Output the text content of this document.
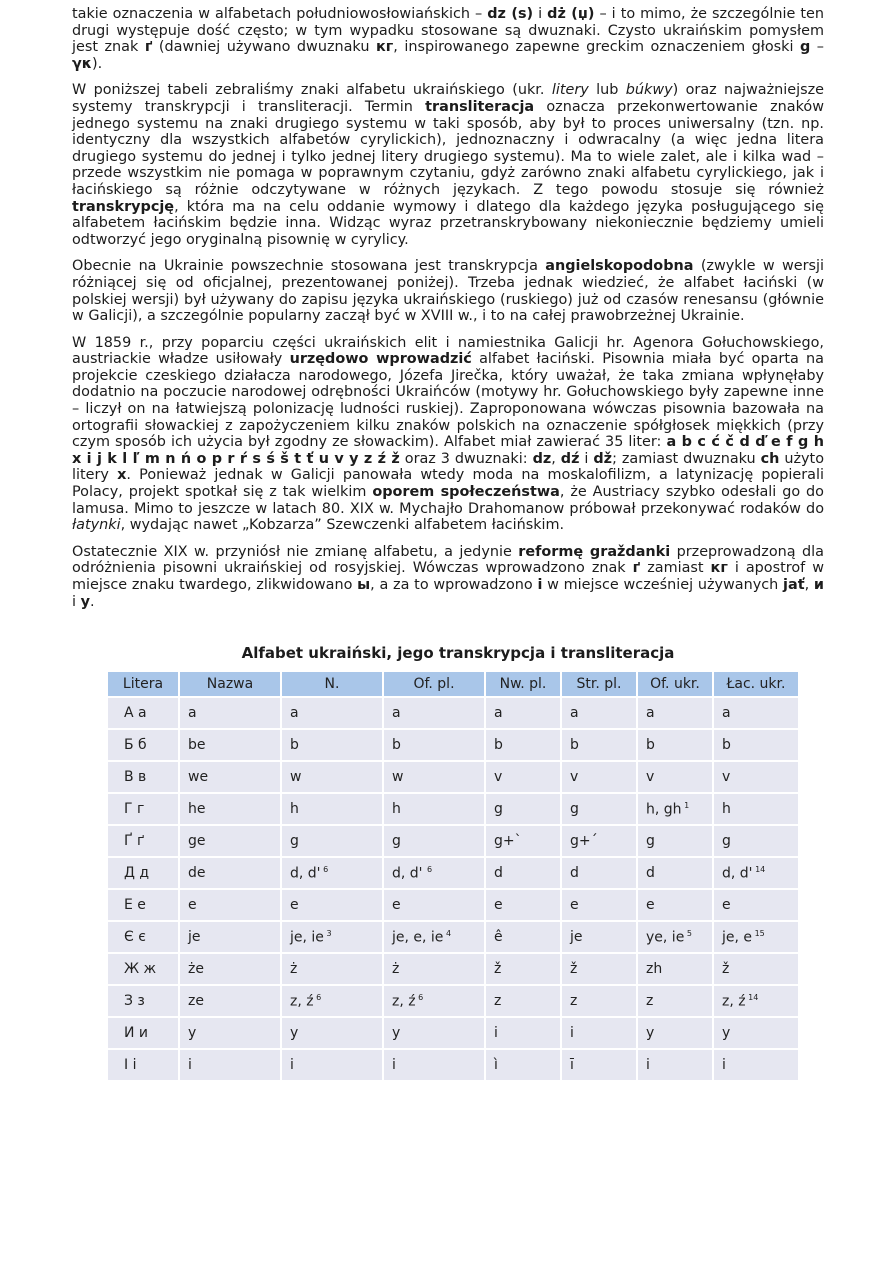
takie oznaczenia w alfabetach południowosłowiańskich – dz (s) i dż (џ) – i to mimo, że szczególnie ten drugi występuje dość często; w tym wypadku stosowane są dwuznaki. Czysto ukraińskim pomysłem jest znak ґ (dawniej używano dwuznaku кг, inspirowanego zapewne greckim oznaczeniem głoski g – γκ).

W poniższej tabeli zebraliśmy znaki alfabetu ukraińskiego (ukr. litery lub búkwy) oraz najważniejsze systemy transkrypcji i transliteracji. Termin transliteracja oznacza przekonwertowanie znaków jednego systemu na znaki drugiego systemu w taki sposób, aby był to proces uniwersalny (tzn. np. identyczny dla wszystkich alfabetów cyrylickich), jednoznaczny i odwracalny (a więc jedna litera drugiego systemu do jednej i tylko jednej litery drugiego systemu). Ma to wiele zalet, ale i kilka wad – przede wszystkim nie pomaga w poprawnym czytaniu, gdyż zarówno znaki alfabetu cyrylickiego, jak i łacińskiego są różnie odczytywane w różnych językach. Z tego powodu stosuje się również transkrypcję, która ma na celu oddanie wymowy i dlatego dla każdego języka posługującego się alfabetem łacińskim będzie inna. Widząc wyraz przetranskrybowany niekoniecznie będziemy umieli odtworzyć jego oryginalną pisownię w cyrylicy.

Obecnie na Ukrainie powszechnie stosowana jest transkrypcja angielskopodobna (zwykle w wersji różniącej się od oficjalnej, prezentowanej poniżej). Trzeba jednak wiedzieć, że alfabet łaciński (w polskiej wersji) był używany do zapisu języka ukraińskiego (ruskiego) już od czasów renesansu (głównie w Galicji), a szczególnie popularny zaczął być w XVIII w., i to na całej prawobrzeżnej Ukrainie.

W 1859 r., przy poparciu części ukraińskich elit i namiestnika Galicji hr. Agenora Gołuchowskiego, austriackie władze usiłowały urzędowo wprowadzić alfabet łaciński. Pisownia miała być oparta na projekcie czeskiego działacza narodowego, Józefa Jirečka, który uważał, że taka zmiana wpłynęłaby dodatnio na poczucie narodowej odrębności Ukraińców (motywy hr. Gołuchowskiego były zapewne inne – liczył on na łatwiejszą polonizację ludności ruskiej). Zaproponowana wówczas pisownia bazowała na ortografii słowackiej z zapożyczeniem kilku znaków polskich na oznaczenie spółgłosek miękkich (przy czym sposób ich użycia był zgodny ze słowackim). Alfabet miał zawierać 35 liter: a b c ć č d ď e f g h x i j k l ľ m n ń o p r ŕ s ś š t ť u v y z ź ž oraz 3 dwuznaki: dz, dź i dž; zamiast dwuznaku ch użyto litery x. Ponieważ jednak w Galicji panowała wtedy moda na moskalofilizm, a latynizację popierali Polacy, projekt spotkał się z tak wielkim oporem społeczeństwa, że Austriacy szybko odesłali go do lamusa. Mimo to jeszcze w latach 80. XIX w. Mychajło Drahomanow próbował przekonywać rodaków do łatynki, wydając nawet „Kobzarza” Szewczenki alfabetem łacińskim.

Ostatecznie XIX w. przyniósł nie zmianę alfabetu, a jedynie reformę graždanki przeprowadzoną dla odróżnienia pisowni ukraińskiej od rosyjskiej. Wówczas wprowadzono znak ґ zamiast кг i apostrof w miejsce znaku twardego, zlikwidowano ы, a za to wprowadzono і w miejsce wcześniej używanych jať, и i y.

Alfabet ukraiński, jego transkrypcja i transliteracja
Litera	Nazwa	N.	Of. pl.	Nw. pl.	Str. pl.	Of. ukr.	Łac. ukr.
А а	a	a	a	a	a	a	a
Б б	be	b	b	b	b	b	b
В в	we	w	w	v	v	v	v
Г г	he	h	h	g	g	h, gh $^1$	h
Ґ ґ	ge	g	g	g+`	g+´	g	g
Д д	de	d, d' $^6$	d, d' $^6$	d	d	d	d, d' $^{14}$
Е е	e	e	e	e	e	e	e
Є є	je	je, ie $^3$	je, e, ie $^4$	ê	je	ye, ie $^5$	je, e $^{15}$
Ж ж	że	ż	ż	ž	ž	zh	ž
З з	ze	z, ź $^6$	z, ź $^6$	z	z	z	z, ź $^{14}$
И и	y	y	y	i	i	y	y
І і	i	i	i	ì	ī	i	i
